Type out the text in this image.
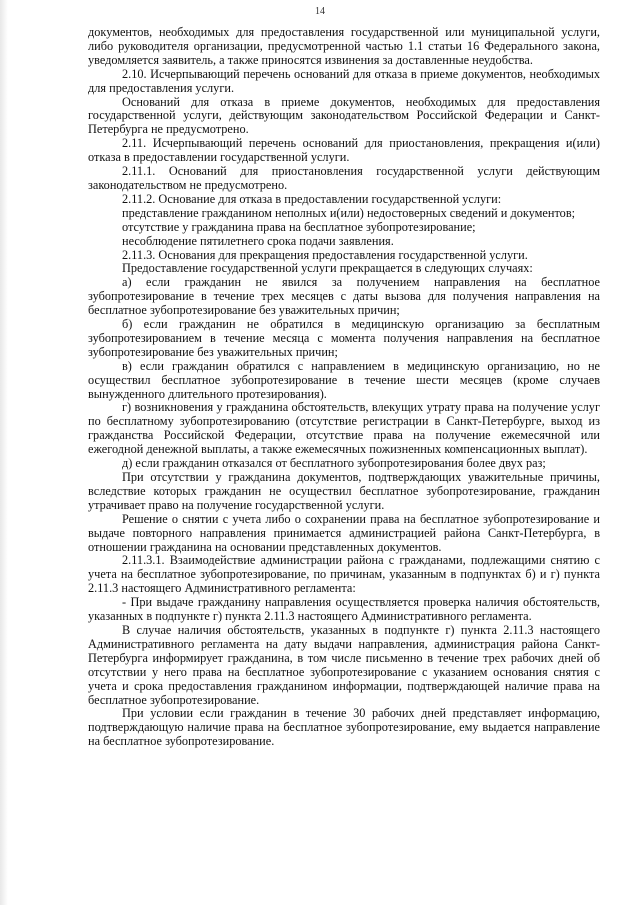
14

документов, необходимых для предоставления государственной или муниципальной услуги, либо руководителя организации, предусмотренной частью 1.1 статьи 16 Федерального закона, уведомляется заявитель, а также приносятся извинения за доставленные неудобства.

2.10. Исчерпывающий перечень оснований для отказа в приеме документов, необходимых для предоставления услуги.

Оснований для отказа в приеме документов, необходимых для предоставления государственной услуги, действующим законодательством Российской Федерации и Санкт-Петербурга не предусмотрено.

2.11. Исчерпывающий перечень оснований для приостановления, прекращения и(или) отказа в предоставлении государственной услуги.

2.11.1. Оснований для приостановления государственной услуги действующим законодательством не предусмотрено.

2.11.2. Основание для отказа в предоставлении государственной услуги:

представление гражданином неполных и(или) недостоверных сведений и документов;

отсутствие у гражданина права на бесплатное зубопротезирование;

несоблюдение пятилетнего срока подачи заявления.

2.11.3. Основания для прекращения предоставления государственной услуги.

Предоставление государственной услуги прекращается в следующих случаях:

а) если гражданин не явился за получением направления на бесплатное зубопротезирование в течение трех месяцев с даты вызова для получения направления на бесплатное зубопротезирование без уважительных причин;

б) если гражданин не обратился в медицинскую организацию за бесплатным зубопротезированием в течение месяца с момента получения направления на бесплатное зубопротезирование без уважительных причин;

в) если гражданин обратился с направлением в медицинскую организацию, но не осуществил бесплатное зубопротезирование в течение шести месяцев (кроме случаев вынужденного длительного протезирования).

г) возникновения у гражданина обстоятельств, влекущих утрату права на получение услуг по бесплатному зубопротезированию (отсутствие регистрации в Санкт-Петербурге, выход из гражданства Российской Федерации, отсутствие права на получение ежемесячной или ежегодной денежной выплаты, а также ежемесячных пожизненных компенсационных выплат).

д) если гражданин отказался от бесплатного зубопротезирования более двух раз;

При отсутствии у гражданина документов, подтверждающих уважительные причины, вследствие которых гражданин не осуществил бесплатное зубопротезирование, гражданин утрачивает право на получение государственной услуги.

Решение о снятии с учета либо о сохранении права на бесплатное зубопротезирование и выдаче повторного направления принимается администрацией района Санкт-Петербурга, в отношении гражданина на основании представленных документов.

2.11.3.1. Взаимодействие администрации района с гражданами, подлежащими снятию с учета на бесплатное зубопротезирование, по причинам, указанным в подпунктах б) и г) пункта 2.11.3 настоящего Административного регламента:

- При выдаче гражданину направления осуществляется проверка наличия обстоятельств, указанных в подпункте г) пункта 2.11.3 настоящего Административного регламента.

В случае наличия обстоятельств, указанных в подпункте г) пункта 2.11.3 настоящего Административного регламента на дату выдачи направления, администрация района Санкт-Петербурга информирует гражданина, в том числе письменно в течение трех рабочих дней об отсутствии у него права на бесплатное зубопротезирование с указанием основания снятия с учета и срока предоставления гражданином информации, подтверждающей наличие права на бесплатное зубопротезирование.

При условии если гражданин в течение 30 рабочих дней представляет информацию, подтверждающую наличие права на бесплатное зубопротезирование, ему выдается направление на бесплатное зубопротезирование.
